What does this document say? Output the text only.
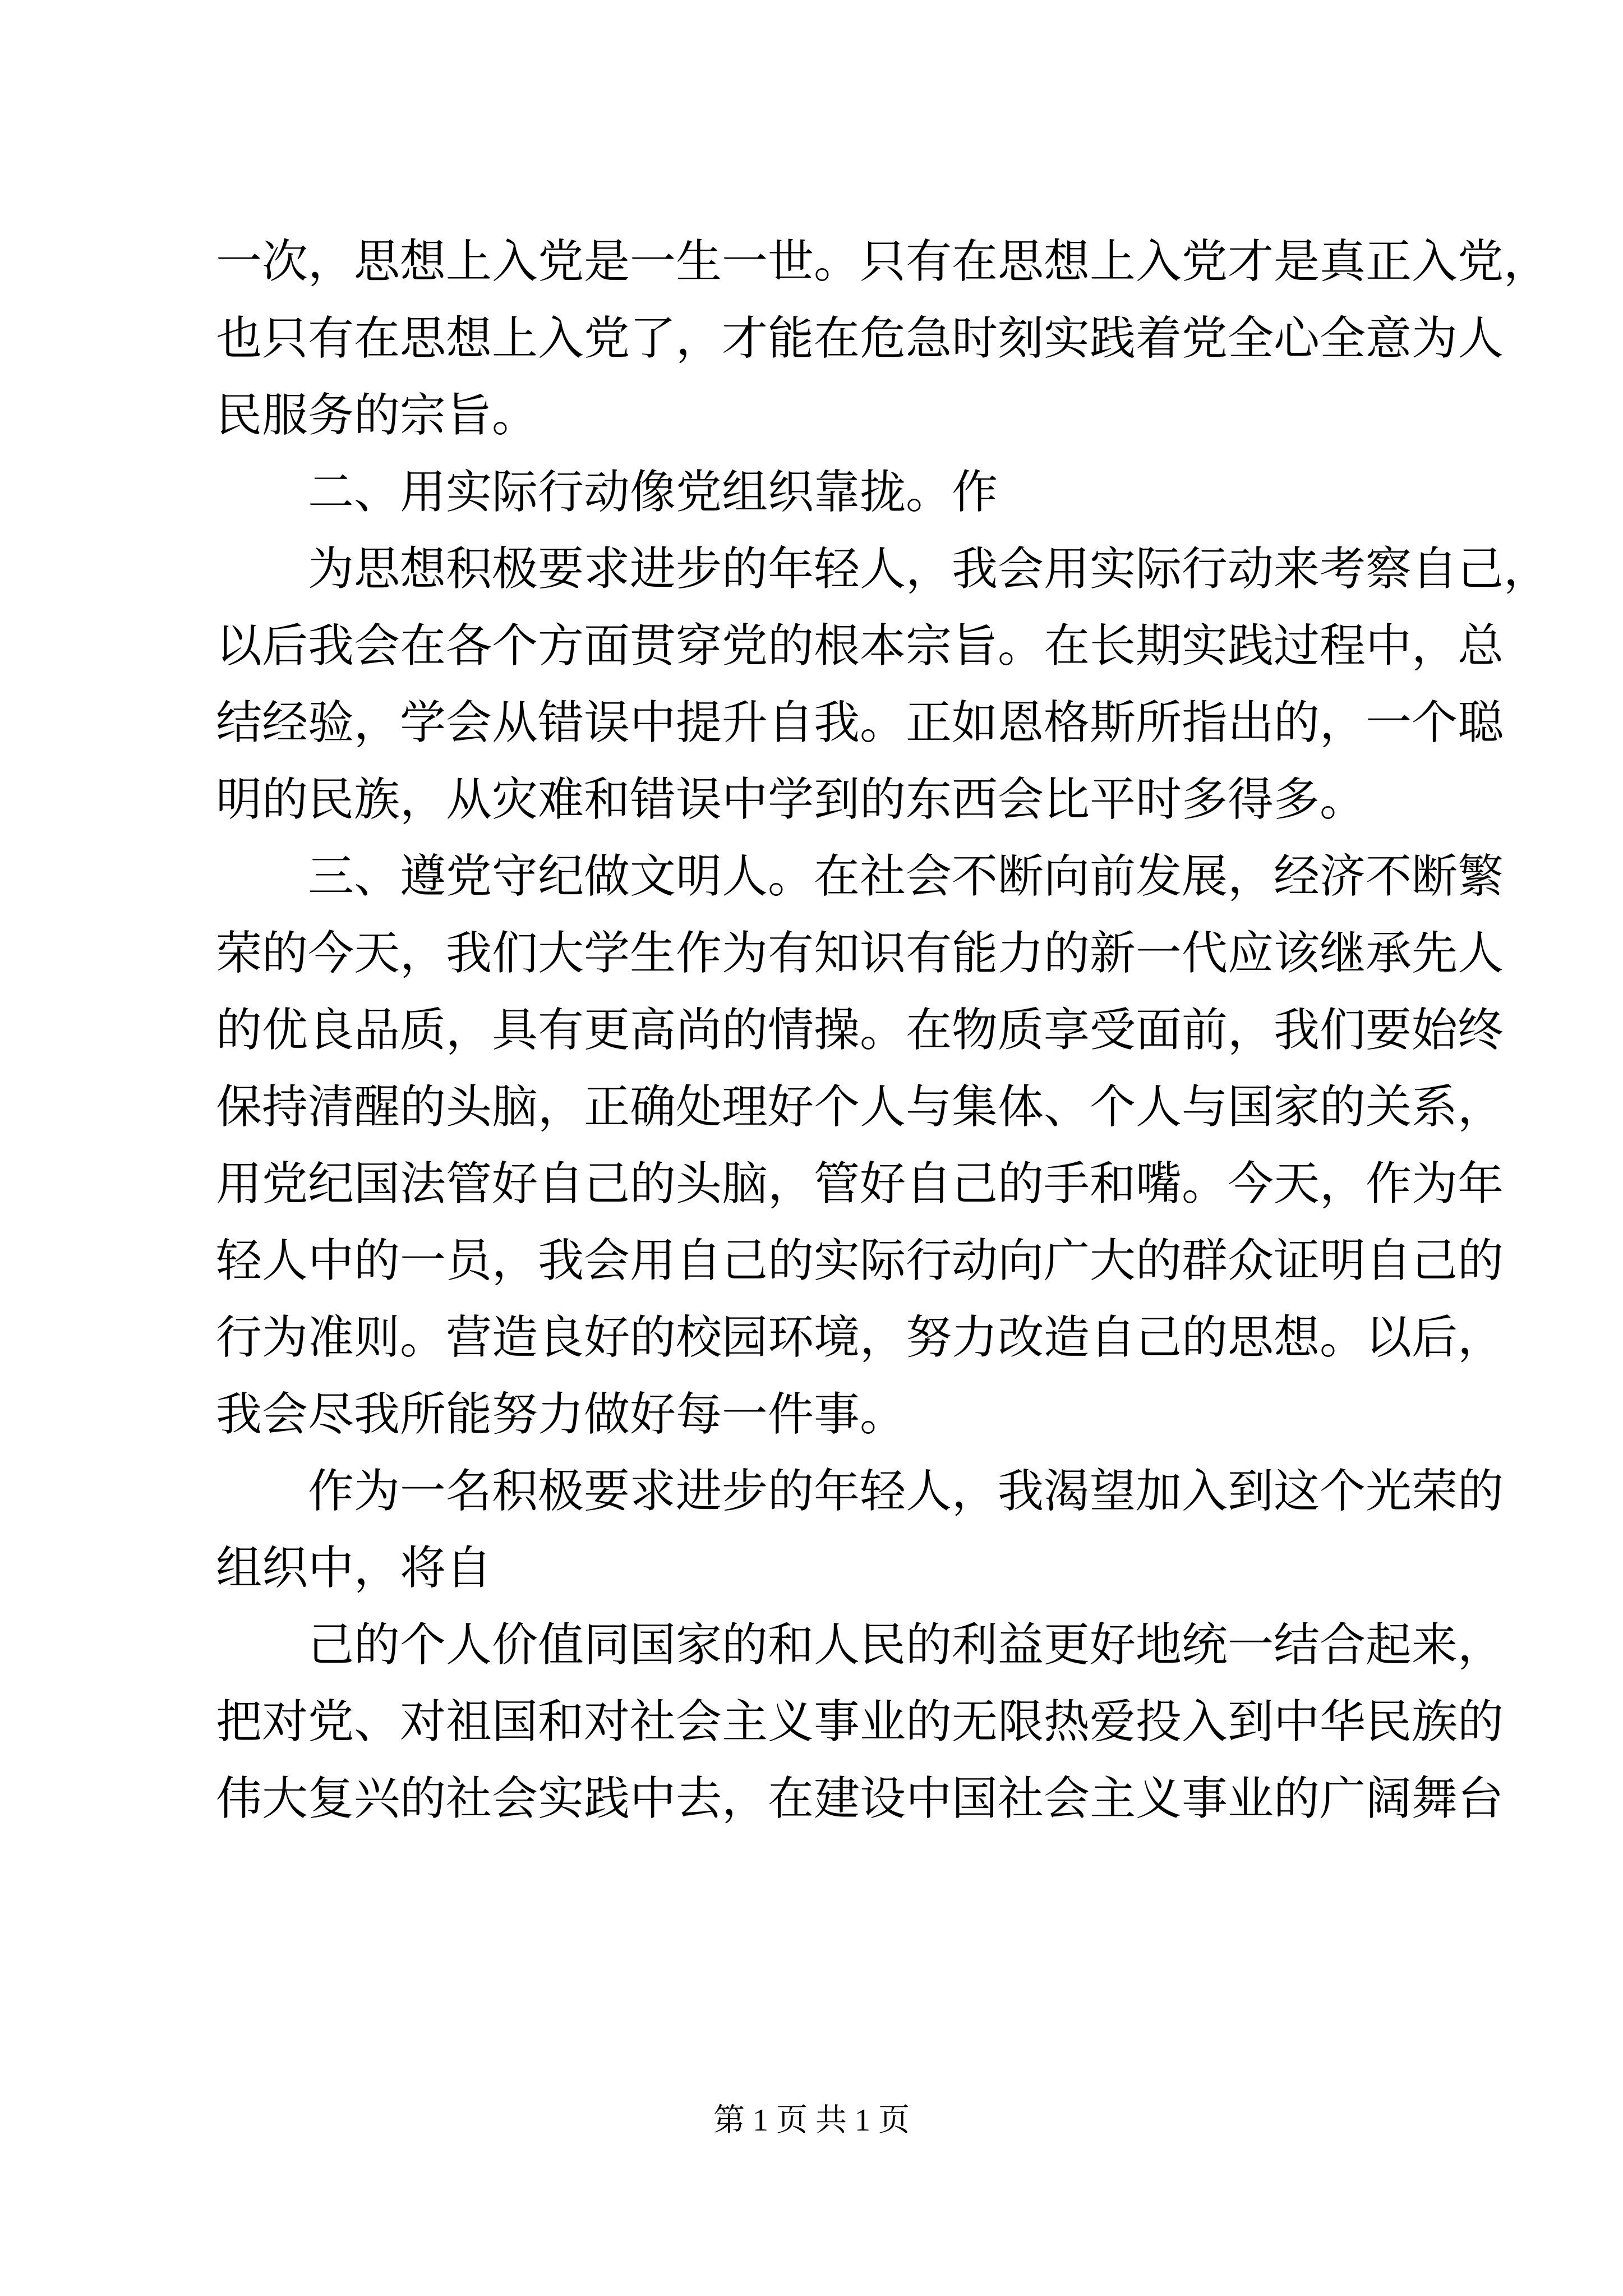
一次，思想上入党是一生一世。只有在思想上入党才是真正入党，
也只有在思想上入党了，才能在危急时刻实践着党全心全意为人
民服务的宗旨。
二、用实际行动像党组织靠拢。作
为思想积极要求进步的年轻人，我会用实际行动来考察自己，
以后我会在各个方面贯穿党的根本宗旨。在长期实践过程中，总
结经验，学会从错误中提升自我。正如恩格斯所指出的，一个聪
明的民族，从灾难和错误中学到的东西会比平时多得多。
三、遵党守纪做文明人。在社会不断向前发展，经济不断繁
荣的今天，我们大学生作为有知识有能力的新一代应该继承先人
的优良品质，具有更高尚的情操。在物质享受面前，我们要始终
保持清醒的头脑，正确处理好个人与集体、个人与国家的关系，
用党纪国法管好自己的头脑，管好自己的手和嘴。今天，作为年
轻人中的一员，我会用自己的实际行动向广大的群众证明自己的
行为准则。营造良好的校园环境，努力改造自己的思想。以后，
我会尽我所能努力做好每一件事。
作为一名积极要求进步的年轻人，我渴望加入到这个光荣的
组织中，将自
己的个人价值同国家的和人民的利益更好地统一结合起来，
把对党、对祖国和对社会主义事业的无限热爱投入到中华民族的
伟大复兴的社会实践中去，在建设中国社会主义事业的广阔舞台
第 1 页 共 1 页
